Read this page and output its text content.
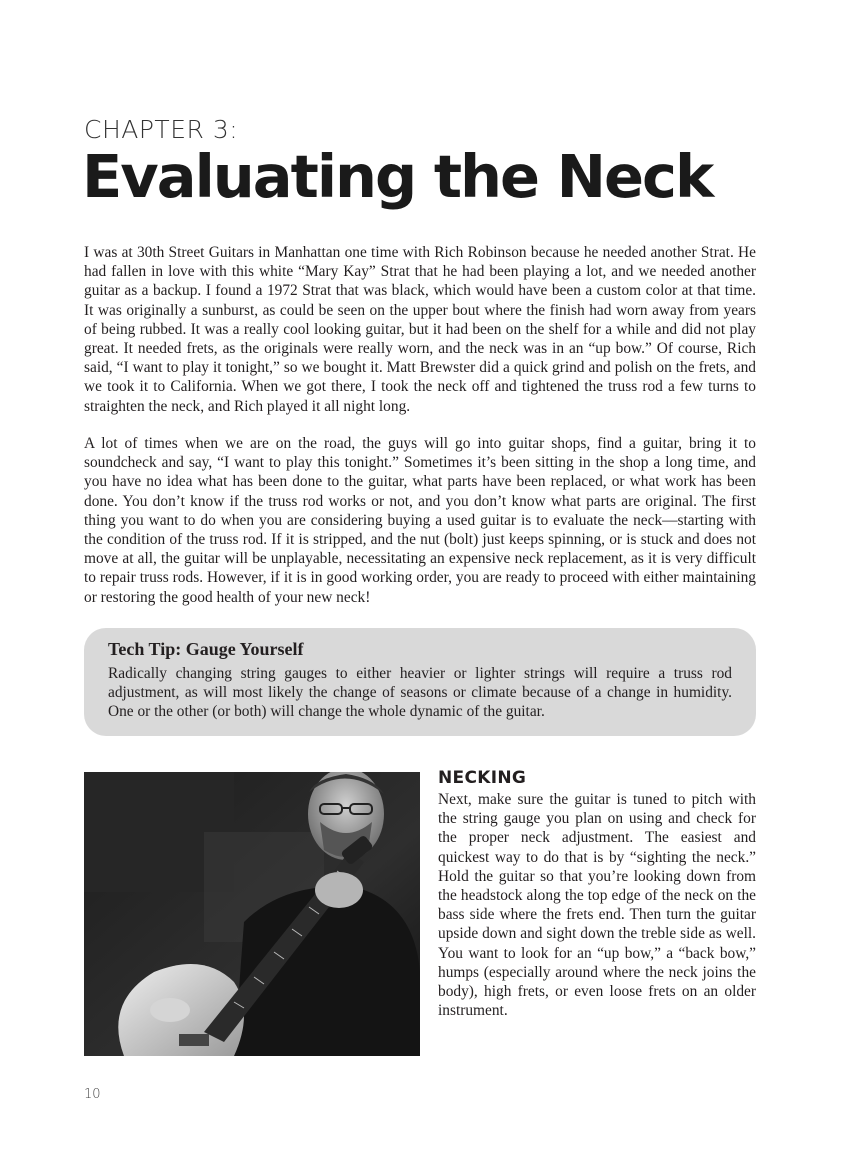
CHAPTER 3:
Evaluating the Neck

I was at 30th Street Guitars in Manhattan one time with Rich Robinson because he needed another Strat. He had fallen in love with this white “Mary Kay” Strat that he had been playing a lot, and we needed another guitar as a backup. I found a 1972 Strat that was black, which would have been a custom color at that time. It was originally a sunburst, as could be seen on the upper bout where the finish had worn away from years of being rubbed. It was a really cool looking guitar, but it had been on the shelf for a while and did not play great. It needed frets, as the originals were really worn, and the neck was in an “up bow.” Of course, Rich said, “I want to play it tonight,” so we bought it. Matt Brewster did a quick grind and polish on the frets, and we took it to California. When we got there, I took the neck off and tightened the truss rod a few turns to straighten the neck, and Rich played it all night long.

A lot of times when we are on the road, the guys will go into guitar shops, find a guitar, bring it to soundcheck and say, “I want to play this tonight.” Sometimes it’s been sitting in the shop a long time, and you have no idea what has been done to the guitar, what parts have been replaced, or what work has been done. You don’t know if the truss rod works or not, and you don’t know what parts are original. The first thing you want to do when you are considering buying a used guitar is to evaluate the neck—starting with the condition of the truss rod. If it is stripped, and the nut (bolt) just keeps spinning, or is stuck and does not move at all, the guitar will be unplayable, necessitating an expensive neck replacement, as it is very difficult to repair truss rods. However, if it is in good working order, you are ready to proceed with either maintaining or restoring the good health of your new neck!

Tech Tip: Gauge Yourself
Radically changing string gauges to either heavier or lighter strings will require a truss rod adjustment, as will most likely the change of seasons or climate because of a change in humidity. One or the other (or both) will change the whole dynamic of the guitar.
NECKING

Next, make sure the guitar is tuned to pitch with the string gauge you plan on using and check for the proper neck adjustment. The easiest and quickest way to do that is by “sighting the neck.” Hold the guitar so that you’re looking down from the headstock along the top edge of the neck on the bass side where the frets end. Then turn the guitar upside down and sight down the treble side as well. You want to look for an “up bow,” a “back bow,” humps (especially around where the neck joins the body), high frets, or even loose frets on an older instrument.

10
